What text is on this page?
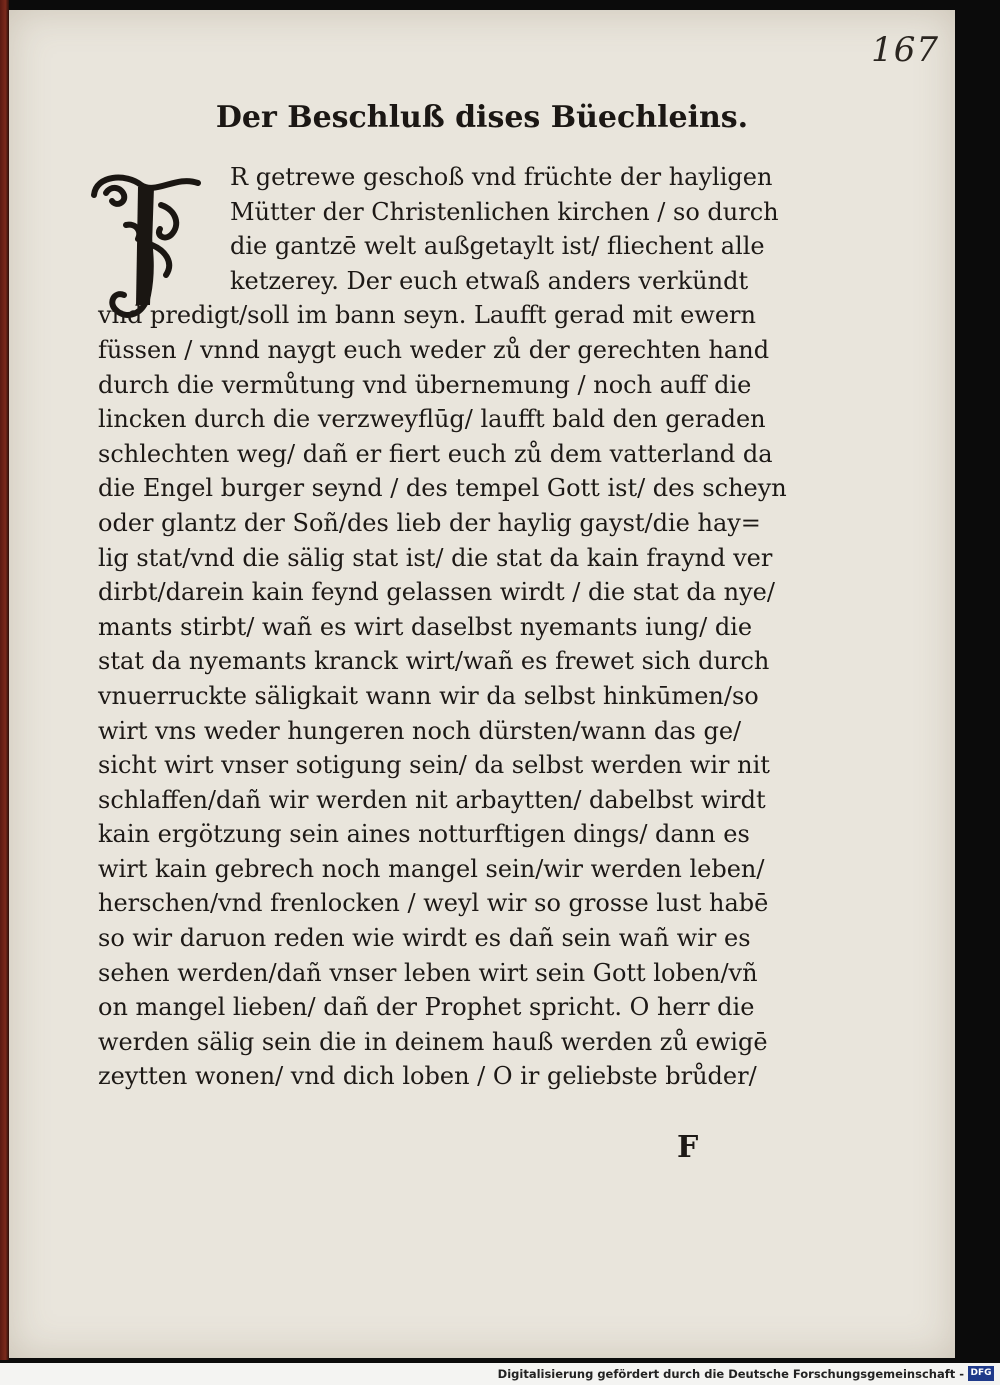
167
Der Beschluß dises Büechleins.
R getrewe geschoß vnd früchte der hayligen
Mütter der Christenlichen kirchen / so durch
die gantzē welt außgetaylt ist/ fliechent alle
ketzerey. Der euch etwaß anders verkündt
vnd predigt/soll im bann seyn. Laufft gerad mit ewern
füssen / vnnd naygt euch weder zů der gerechten hand
durch die vermůtung vnd übernemung / noch auff die
lincken durch die verzweyflūg/ laufft bald den geraden
schlechten weg/ dañ er fiert euch zů dem vatterland da
die Engel burger seynd / des tempel Gott ist/ des scheyn
oder glantz der Soñ/des lieb der haylig gayst/die hay=
lig stat/vnd die sälig stat ist/ die stat da kain fraynd ver
dirbt/darein kain feynd gelassen wirdt / die stat da nye/
mants stirbt/ wañ es wirt daselbst nyemants iung/ die
stat da nyemants kranck wirt/wañ es frewet sich durch
vnuerruckte säligkait wann wir da selbst hinkūmen/so
wirt vns weder hungeren noch dürsten/wann das ge/
sicht wirt vnser sotigung sein/ da selbst werden wir nit
schlaffen/dañ wir werden nit arbaytten/ dabelbst wirdt
kain ergötzung sein aines notturftigen dings/ dann es
wirt kain gebrech noch mangel sein/wir werden leben/
herschen/vnd frenlocken / weyl wir so grosse lust habē
so wir daruon reden wie wirdt es dañ sein wañ wir es
sehen werden/dañ vnser leben wirt sein Gott loben/vñ
on mangel lieben/ dañ der Prophet spricht. O herr die
werden sälig sein die in deinem hauß werden zů ewigē
zeytten wonen/ vnd dich loben / O ir geliebste brůder/
F
Digitalisierung gefördert durch die Deutsche Forschungsgemeinschaft - DFG
